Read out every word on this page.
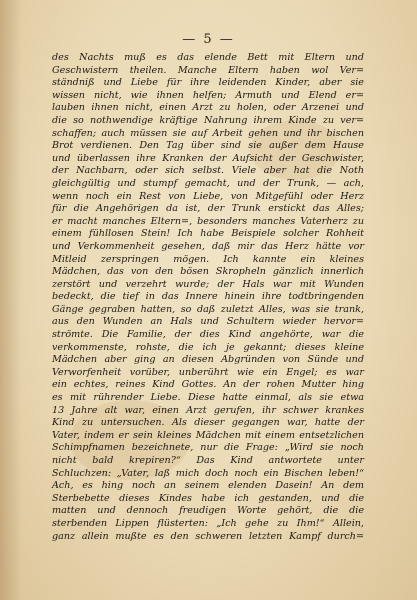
— 5 —
des Nachts muß es das elende Bett mit Eltern und
Geschwistern theilen. Manche Eltern haben wol Ver=
ständniß und Liebe für ihre leidenden Kinder, aber sie
wissen nicht, wie ihnen helfen; Armuth und Elend er=
lauben ihnen nicht, einen Arzt zu holen, oder Arzenei und
die so nothwendige kräftige Nahrung ihrem Kinde zu ver=
schaffen; auch müssen sie auf Arbeit gehen und ihr bischen
Brot verdienen. Den Tag über sind sie außer dem Hause
und überlassen ihre Kranken der Aufsicht der Geschwister,
der Nachbarn, oder sich selbst. Viele aber hat die Noth
gleichgültig und stumpf gemacht, und der Trunk, — ach,
wenn noch ein Rest von Liebe, von Mitgefühl oder Herz
für die Angehörigen da ist, der Trunk erstickt das Alles;
er macht manches Eltern=, besonders manches Vaterherz zu
einem fühllosen Stein! Ich habe Beispiele solcher Rohheit
und Verkommenheit gesehen, daß mir das Herz hätte vor
Mitleid zerspringen mögen. Ich kannte ein kleines
Mädchen, das von den bösen Skropheln gänzlich innerlich
zerstört und verzehrt wurde; der Hals war mit Wunden
bedeckt, die tief in das Innere hinein ihre todtbringenden
Gänge gegraben hatten, so daß zuletzt Alles, was sie trank,
aus den Wunden an Hals und Schultern wieder hervor=
strömte. Die Familie, der dies Kind angehörte, war die
verkommenste, rohste, die ich je gekannt; dieses kleine
Mädchen aber ging an diesen Abgründen von Sünde und
Verworfenheit vorüber, unberührt wie ein Engel; es war
ein echtes, reines Kind Gottes. An der rohen Mutter hing
es mit rührender Liebe. Diese hatte einmal, als sie etwa
13 Jahre alt war, einen Arzt gerufen, ihr schwer krankes
Kind zu untersuchen. Als dieser gegangen war, hatte der
Vater, indem er sein kleines Mädchen mit einem entsetzlichen
Schimpfnamen bezeichnete, nur die Frage: „Wird sie noch
nicht bald krepiren?“ Das Kind antwortete unter
Schluchzen: „Vater, laß mich doch noch ein Bischen leben!“
Ach, es hing noch an seinem elenden Dasein! An dem
Sterbebette dieses Kindes habe ich gestanden, und die
matten und dennoch freudigen Worte gehört, die die
sterbenden Lippen flüsterten: „Ich gehe zu Ihm!“ Allein,
ganz allein mußte es den schweren letzten Kampf durch=
